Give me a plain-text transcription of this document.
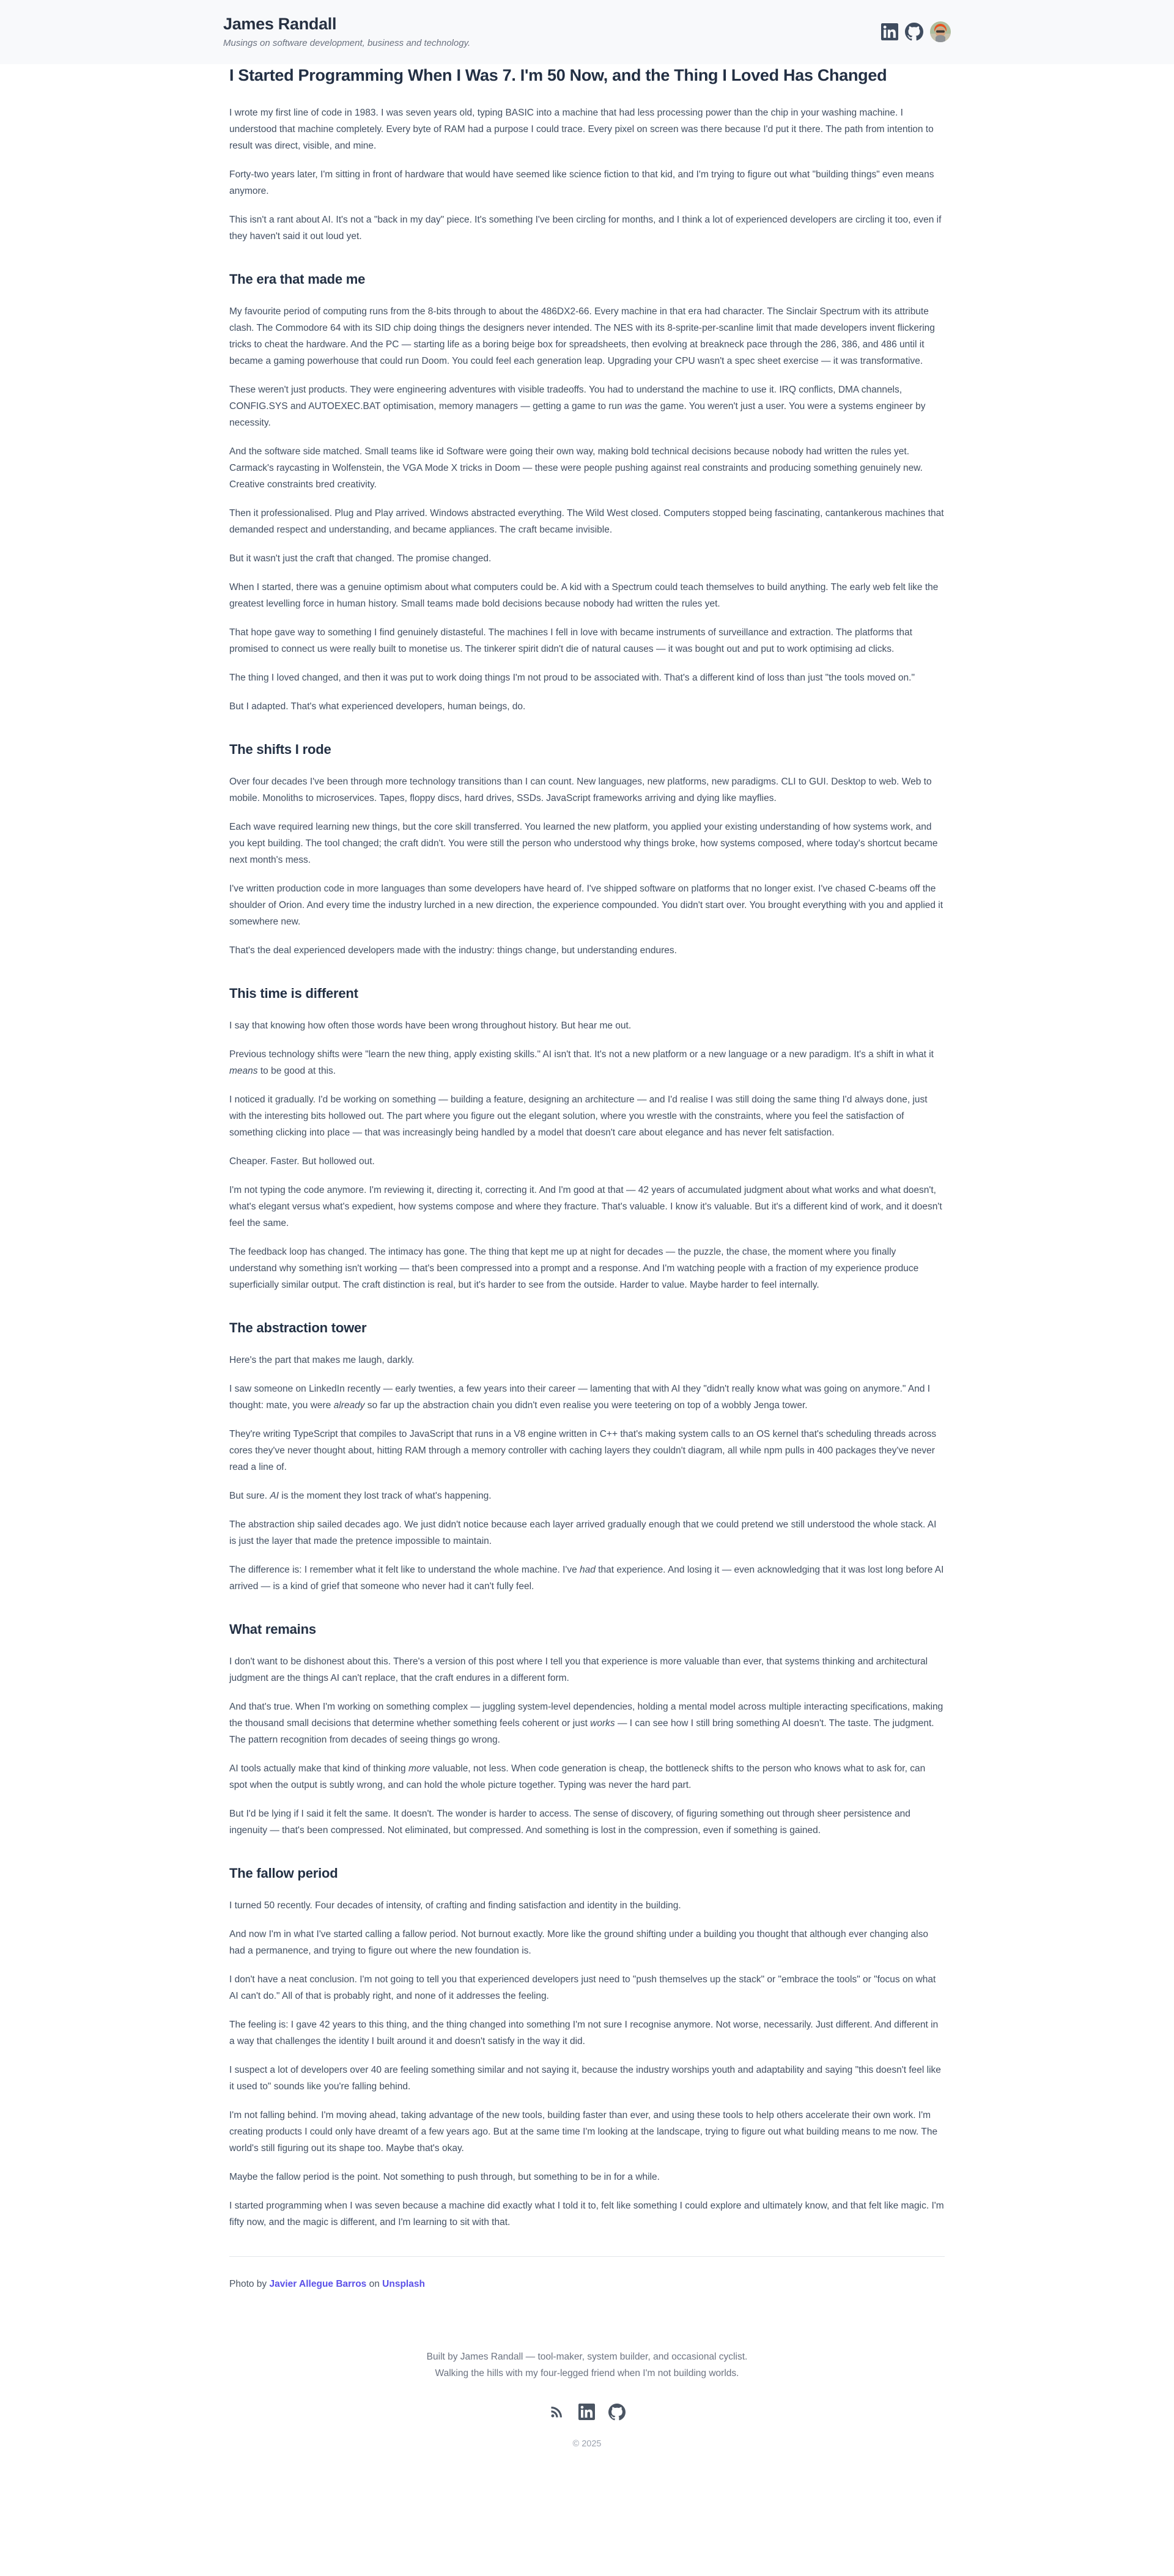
James Randall

Musings on software development, business and technology.

I Started Programming When I Was 7. I'm 50 Now, and the Thing I Loved Has Changed

I wrote my first line of code in 1983. I was seven years old, typing BASIC into a machine that had less processing power than the chip in your washing machine. I understood that machine completely. Every byte of RAM had a purpose I could trace. Every pixel on screen was there because I'd put it there. The path from intention to result was direct, visible, and mine.

Forty-two years later, I'm sitting in front of hardware that would have seemed like science fiction to that kid, and I'm trying to figure out what "building things" even means anymore.

This isn't a rant about AI. It's not a "back in my day" piece. It's something I've been circling for months, and I think a lot of experienced developers are circling it too, even if they haven't said it out loud yet.

The era that made me

My favourite period of computing runs from the 8-bits through to about the 486DX2-66. Every machine in that era had character. The Sinclair Spectrum with its attribute clash. The Commodore 64 with its SID chip doing things the designers never intended. The NES with its 8-sprite-per-scanline limit that made developers invent flickering tricks to cheat the hardware. And the PC — starting life as a boring beige box for spreadsheets, then evolving at breakneck pace through the 286, 386, and 486 until it became a gaming powerhouse that could run Doom. You could feel each generation leap. Upgrading your CPU wasn't a spec sheet exercise — it was transformative.

These weren't just products. They were engineering adventures with visible tradeoffs. You had to understand the machine to use it. IRQ conflicts, DMA channels, CONFIG.SYS and AUTOEXEC.BAT optimisation, memory managers — getting a game to run was the game. You weren't just a user. You were a systems engineer by necessity.

And the software side matched. Small teams like id Software were going their own way, making bold technical decisions because nobody had written the rules yet. Carmack's raycasting in Wolfenstein, the VGA Mode X tricks in Doom — these were people pushing against real constraints and producing something genuinely new. Creative constraints bred creativity.

Then it professionalised. Plug and Play arrived. Windows abstracted everything. The Wild West closed. Computers stopped being fascinating, cantankerous machines that demanded respect and understanding, and became appliances. The craft became invisible.

But it wasn't just the craft that changed. The promise changed.

When I started, there was a genuine optimism about what computers could be. A kid with a Spectrum could teach themselves to build anything. The early web felt like the greatest levelling force in human history. Small teams made bold decisions because nobody had written the rules yet.

That hope gave way to something I find genuinely distasteful. The machines I fell in love with became instruments of surveillance and extraction. The platforms that promised to connect us were really built to monetise us. The tinkerer spirit didn't die of natural causes — it was bought out and put to work optimising ad clicks.

The thing I loved changed, and then it was put to work doing things I'm not proud to be associated with. That's a different kind of loss than just "the tools moved on."

But I adapted. That's what experienced developers, human beings, do.

The shifts I rode

Over four decades I've been through more technology transitions than I can count. New languages, new platforms, new paradigms. CLI to GUI. Desktop to web. Web to mobile. Monoliths to microservices. Tapes, floppy discs, hard drives, SSDs. JavaScript frameworks arriving and dying like mayflies.

Each wave required learning new things, but the core skill transferred. You learned the new platform, you applied your existing understanding of how systems work, and you kept building. The tool changed; the craft didn't. You were still the person who understood why things broke, how systems composed, where today's shortcut became next month's mess.

I've written production code in more languages than some developers have heard of. I've shipped software on platforms that no longer exist. I've chased C-beams off the shoulder of Orion. And every time the industry lurched in a new direction, the experience compounded. You didn't start over. You brought everything with you and applied it somewhere new.

That's the deal experienced developers made with the industry: things change, but understanding endures.

This time is different

I say that knowing how often those words have been wrong throughout history. But hear me out.

Previous technology shifts were "learn the new thing, apply existing skills." AI isn't that. It's not a new platform or a new language or a new paradigm. It's a shift in what it means to be good at this.

I noticed it gradually. I'd be working on something — building a feature, designing an architecture — and I'd realise I was still doing the same thing I'd always done, just with the interesting bits hollowed out. The part where you figure out the elegant solution, where you wrestle with the constraints, where you feel the satisfaction of something clicking into place — that was increasingly being handled by a model that doesn't care about elegance and has never felt satisfaction.

Cheaper. Faster. But hollowed out.

I'm not typing the code anymore. I'm reviewing it, directing it, correcting it. And I'm good at that — 42 years of accumulated judgment about what works and what doesn't, what's elegant versus what's expedient, how systems compose and where they fracture. That's valuable. I know it's valuable. But it's a different kind of work, and it doesn't feel the same.

The feedback loop has changed. The intimacy has gone. The thing that kept me up at night for decades — the puzzle, the chase, the moment where you finally understand why something isn't working — that's been compressed into a prompt and a response. And I'm watching people with a fraction of my experience produce superficially similar output. The craft distinction is real, but it's harder to see from the outside. Harder to value. Maybe harder to feel internally.

The abstraction tower

Here's the part that makes me laugh, darkly.

I saw someone on LinkedIn recently — early twenties, a few years into their career — lamenting that with AI they "didn't really know what was going on anymore." And I thought: mate, you were already so far up the abstraction chain you didn't even realise you were teetering on top of a wobbly Jenga tower.

They're writing TypeScript that compiles to JavaScript that runs in a V8 engine written in C++ that's making system calls to an OS kernel that's scheduling threads across cores they've never thought about, hitting RAM through a memory controller with caching layers they couldn't diagram, all while npm pulls in 400 packages they've never read a line of.

But sure. AI is the moment they lost track of what's happening.

The abstraction ship sailed decades ago. We just didn't notice because each layer arrived gradually enough that we could pretend we still understood the whole stack. AI is just the layer that made the pretence impossible to maintain.

The difference is: I remember what it felt like to understand the whole machine. I've had that experience. And losing it — even acknowledging that it was lost long before AI arrived — is a kind of grief that someone who never had it can't fully feel.

What remains

I don't want to be dishonest about this. There's a version of this post where I tell you that experience is more valuable than ever, that systems thinking and architectural judgment are the things AI can't replace, that the craft endures in a different form.

And that's true. When I'm working on something complex — juggling system-level dependencies, holding a mental model across multiple interacting specifications, making the thousand small decisions that determine whether something feels coherent or just works — I can see how I still bring something AI doesn't. The taste. The judgment. The pattern recognition from decades of seeing things go wrong.

AI tools actually make that kind of thinking more valuable, not less. When code generation is cheap, the bottleneck shifts to the person who knows what to ask for, can spot when the output is subtly wrong, and can hold the whole picture together. Typing was never the hard part.

But I'd be lying if I said it felt the same. It doesn't. The wonder is harder to access. The sense of discovery, of figuring something out through sheer persistence and ingenuity — that's been compressed. Not eliminated, but compressed. And something is lost in the compression, even if something is gained.

The fallow period

I turned 50 recently. Four decades of intensity, of crafting and finding satisfaction and identity in the building.

And now I'm in what I've started calling a fallow period. Not burnout exactly. More like the ground shifting under a building you thought that although ever changing also had a permanence, and trying to figure out where the new foundation is.

I don't have a neat conclusion. I'm not going to tell you that experienced developers just need to "push themselves up the stack" or "embrace the tools" or "focus on what AI can't do." All of that is probably right, and none of it addresses the feeling.

The feeling is: I gave 42 years to this thing, and the thing changed into something I'm not sure I recognise anymore. Not worse, necessarily. Just different. And different in a way that challenges the identity I built around it and doesn't satisfy in the way it did.

I suspect a lot of developers over 40 are feeling something similar and not saying it, because the industry worships youth and adaptability and saying "this doesn't feel like it used to" sounds like you're falling behind.

I'm not falling behind. I'm moving ahead, taking advantage of the new tools, building faster than ever, and using these tools to help others accelerate their own work. I'm creating products I could only have dreamt of a few years ago. But at the same time I'm looking at the landscape, trying to figure out what building means to me now. The world's still figuring out its shape too. Maybe that's okay.

Maybe the fallow period is the point. Not something to push through, but something to be in for a while.

I started programming when I was seven because a machine did exactly what I told it to, felt like something I could explore and ultimately know, and that felt like magic. I'm fifty now, and the magic is different, and I'm learning to sit with that.

Photo by Javier Allegue Barros on Unsplash

Built by James Randall — tool-maker, system builder, and occasional cyclist.

Walking the hills with my four-legged friend when I'm not building worlds.

© 2025
